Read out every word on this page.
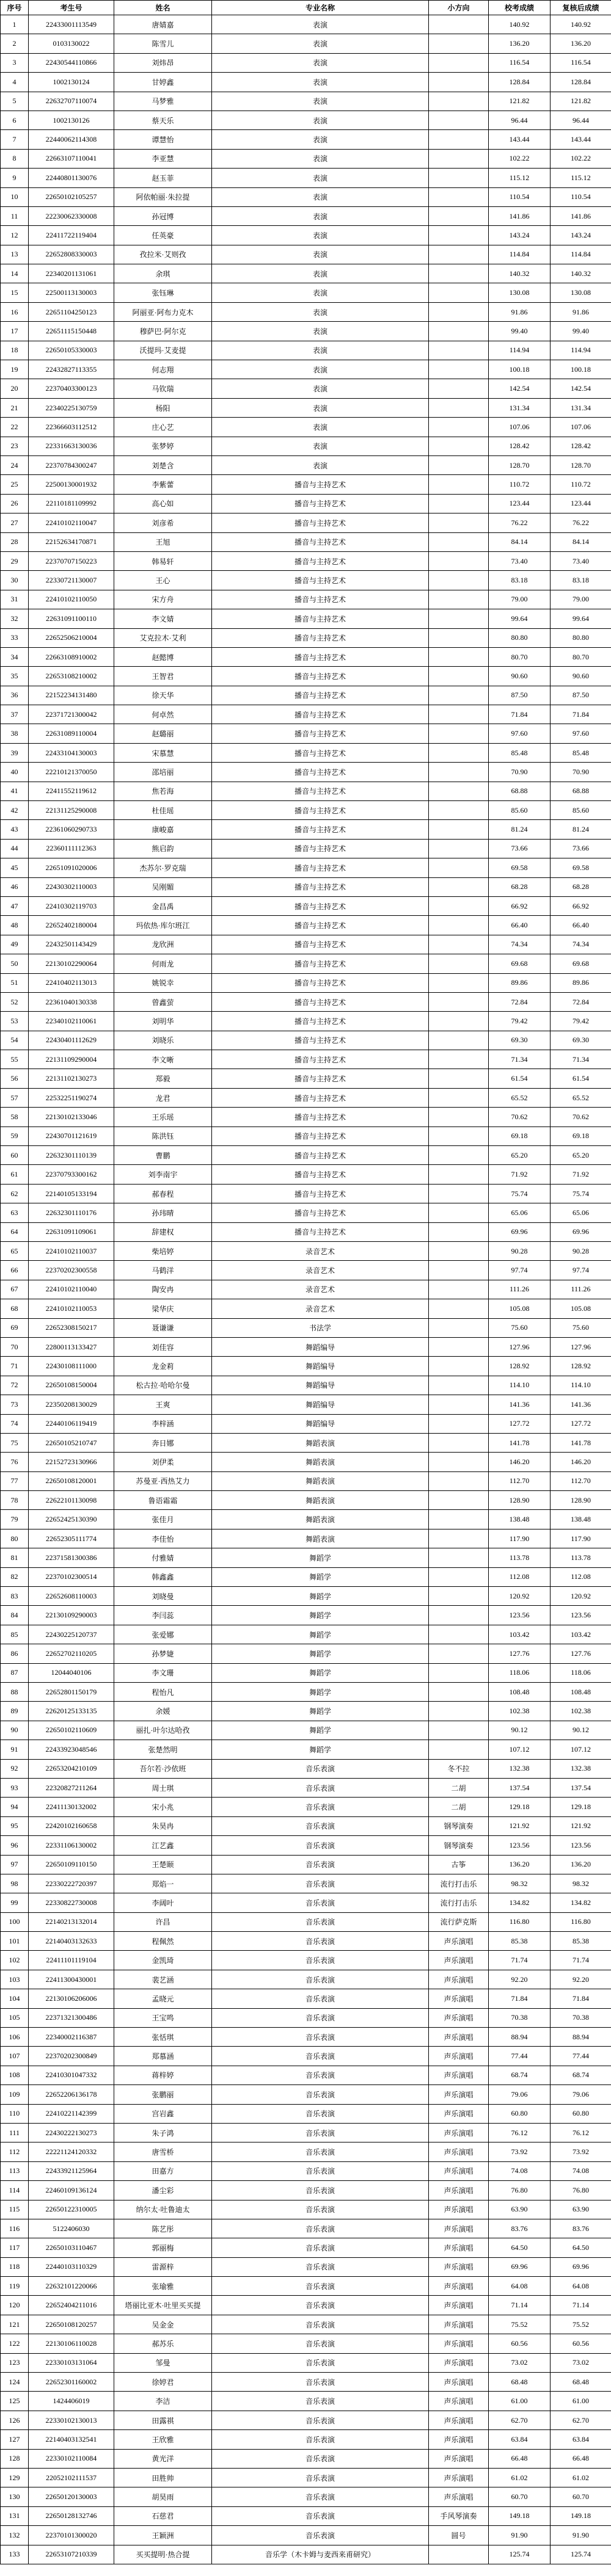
序号	考生号	姓名	专业名称	小方向	校考成绩	复核后成绩
1	22433001113549	唐婧嘉	表演		140.92	140.92
2	0103130022	陈雪儿	表演		136.20	136.20
3	22430544110866	刘炜昂	表演		116.54	116.54
4	1002130124	甘婷鑫	表演		128.84	128.84
5	22632707110074	马梦雅	表演		121.82	121.82
6	1002130126	蔡天乐	表演		96.44	96.44
7	22440062114308	谭慧怡	表演		143.44	143.44
8	22663107110041	李亚慧	表演		102.22	102.22
9	22440801130076	赵玉菲	表演		115.12	115.12
10	22650102105257	阿依帕丽·朱拉提	表演		110.54	110.54
11	22230062330008	孙冠博	表演		141.86	141.86
12	22411722119404	任英豪	表演		143.24	143.24
13	22652808330003	孜拉米·艾则孜	表演		114.84	114.84
14	22340201131061	余琪	表演		140.32	140.32
15	22500113130003	张钰琳	表演		130.08	130.08
16	22651104250123	阿丽亚·阿布力克木	表演		91.86	91.86
17	22651115150448	穆萨巴·阿尔克	表演		99.40	99.40
18	22650105330003	沃提玛·艾麦提	表演		114.94	114.94
19	22432827113355	何志翔	表演		100.18	100.18
20	22370403300123	马钦瑞	表演		142.54	142.54
21	22340225130759	杨阳	表演		131.34	131.34
22	22366603112512	庄心艺	表演		107.06	107.06
23	22331663130036	张梦婷	表演		128.42	128.42
24	22370784300247	刘楚含	表演		128.70	128.70
25	22500130001932	李紫蕾	播音与主持艺术		110.72	110.72
26	22110181109992	高心如	播音与主持艺术		123.44	123.44
27	22410102110047	刘彦希	播音与主持艺术		76.22	76.22
28	22152634170871	王旭	播音与主持艺术		84.14	84.14
29	22370707150223	韩易轩	播音与主持艺术		73.40	73.40
30	22330721130007	王心	播音与主持艺术		83.18	83.18
31	22410102110050	宋方舟	播音与主持艺术		79.00	79.00
32	22631091100110	李文婧	播音与主持艺术		99.64	99.64
33	22652506210004	艾克拉木·艾利	播音与主持艺术		80.80	80.80
34	22663108910002	赵懿博	播音与主持艺术		80.70	80.70
35	22653108210002	王智君	播音与主持艺术		90.60	90.60
36	22152234131480	徐天华	播音与主持艺术		87.50	87.50
37	22371721300042	何卓然	播音与主持艺术		71.84	71.84
38	22631089110004	赵璐丽	播音与主持艺术		97.60	97.60
39	22433104130003	宋慕慧	播音与主持艺术		85.48	85.48
40	22210121370050	邵培丽	播音与主持艺术		70.90	70.90
41	22411552119612	焦若海	播音与主持艺术		68.88	68.88
42	22131125290008	杜佳瑶	播音与主持艺术		85.60	85.60
43	22361060290733	康峻嘉	播音与主持艺术		81.24	81.24
44	22360111112363	熊启韵	播音与主持艺术		73.66	73.66
45	22651091020006	杰苏尔·罗克瑞	播音与主持艺术		69.58	69.58
46	22430302110003	吴刚媚	播音与主持艺术		68.28	68.28
47	22410302119703	金昌禹	播音与主持艺术		66.92	66.92
48	22652402180004	玛依热·库尔班江	播音与主持艺术		66.40	66.40
49	22432501143429	龙欣洲	播音与主持艺术		74.34	74.34
50	22130102290064	何雨龙	播音与主持艺术		69.68	69.68
51	22410402113013	姚锐幸	播音与主持艺术		89.86	89.86
52	22361040130338	曾鑫萤	播音与主持艺术		72.84	72.84
53	22340102110061	刘明华	播音与主持艺术		79.42	79.42
54	22430401112629	刘晓乐	播音与主持艺术		69.30	69.30
55	22131109290004	李文晰	播音与主持艺术		71.34	71.34
56	22131102130273	郑毅	播音与主持艺术		61.54	61.54
57	22532251190274	龙君	播音与主持艺术		65.52	65.52
58	22130102133046	王乐瑶	播音与主持艺术		70.62	70.62
59	22430701121619	陈洪钰	播音与主持艺术		69.18	69.18
60	22632301110139	曹鹏	播音与主持艺术		65.20	65.20
61	22370793300162	刘李南宇	播音与主持艺术		71.92	71.92
62	22140105133194	郝春程	播音与主持艺术		75.74	75.74
63	22632301110176	孙玮晴	播音与主持艺术		65.06	65.06
64	22631091109061	辞建权	播音与主持艺术		69.96	69.96
65	22410102110037	柴培婷	录音艺术		90.28	90.28
66	22370202300558	马鹤洋	录音艺术		97.74	97.74
67	22410102110040	陶安冉	录音艺术		111.26	111.26
68	22410102110053	梁华庆	录音艺术		105.08	105.08
69	22652308150217	聂谦谦	书法学		75.60	75.60
70	22800113133427	刘佳容	舞蹈编导		127.96	127.96
71	22430108111000	龙金莉	舞蹈编导		128.92	128.92
72	22650108150004	松古拉·哈哈尔曼	舞蹈编导		114.10	114.10
73	22350208130029	王爽	舞蹈编导		141.36	141.36
74	22440106119419	李梓涵	舞蹈编导		127.72	127.72
75	22650105210747	奔日娜	舞蹈表演		141.78	141.78
76	22152723130966	刘伊柔	舞蹈表演		146.20	146.20
77	22650108120001	苏曼亚·西热艾力	舞蹈表演		112.70	112.70
78	22622101130098	鲁语霜霜	舞蹈表演		128.90	128.90
79	22652425130390	张佳月	舞蹈表演		138.48	138.48
80	22652305111774	李佳怡	舞蹈表演		117.90	117.90
81	22371581300386	付雅婧	舞蹈学		113.78	113.78
82	22370102300514	韩鑫鑫	舞蹈学		112.08	112.08
83	22652608110003	刘晓曼	舞蹈学		120.92	120.92
84	22130109290003	李闫蕊	舞蹈学		123.56	123.56
85	22430225120737	张爱娜	舞蹈学		103.42	103.42
86	22652702110205	孙梦婕	舞蹈学		127.76	127.76
87	12044040106	李文珊	舞蹈学		118.06	118.06
88	22652801150179	程怡凡	舞蹈学		108.48	108.48
89	22620125133135	余媛	舞蹈学		102.38	102.38
90	22650102110609	丽扎·叶尔达哈孜	舞蹈学		90.12	90.12
91	22433923048546	张楚然明	舞蹈学		107.12	107.12
92	22653204210109	吾尔若·沙依班	音乐表演	冬不拉	132.38	132.38
93	22320827211264	周士琪	音乐表演	二胡	137.54	137.54
94	22411130132002	宋小兆	音乐表演	二胡	129.18	129.18
95	22420102160658	朱昊冉	音乐表演	钢琴演奏	121.92	121.92
96	22331106130002	江艺鑫	音乐表演	钢琴演奏	123.56	123.56
97	22650109110150	王楚颐	音乐表演	古筝	136.20	136.20
98	22330222720397	郑焰一	音乐表演	流行打击乐	98.32	98.32
99	22330822730008	李阔叶	音乐表演	流行打击乐	134.82	134.82
100	22140213132014	许昌	音乐表演	流行萨克斯	116.80	116.80
101	22140403132633	程佩然	音乐表演	声乐演唱	85.38	85.38
102	22411101119104	金凯琦	音乐表演	声乐演唱	71.74	71.74
103	22411300430001	裴艺涵	音乐表演	声乐演唱	92.20	92.20
104	22130106206006	孟晓元	音乐表演	声乐演唱	71.84	71.84
105	22371321300486	王宝鸣	音乐表演	声乐演唱	70.38	70.38
106	22340002116387	张恬琪	音乐表演	声乐演唱	88.94	88.94
107	22370202300849	郑慕涵	音乐表演	声乐演唱	77.44	77.44
108	22410301047332	蒋梓婷	音乐表演	声乐演唱	68.74	68.74
109	22652206136178	张鹏丽	音乐表演	声乐演唱	79.06	79.06
110	22410221142399	宫岩鑫	音乐表演	声乐演唱	60.80	60.80
111	22430222130273	朱子鸿	音乐表演	声乐演唱	76.12	76.12
112	22221124120332	唐雪桥	音乐表演	声乐演唱	73.92	73.92
113	22433921125964	田嘉方	音乐表演	声乐演唱	74.08	74.08
114	22460109136124	潘尘彩	音乐表演	声乐演唱	76.80	76.80
115	22650122310005	纳尔太·吐鲁迪太	音乐表演	声乐演唱	63.90	63.90
116	5122406030	陈艺彤	音乐表演	声乐演唱	83.76	83.76
117	22650103110467	郭丽梅	音乐表演	声乐演唱	64.50	64.50
118	22440103110329	雷源梓	音乐表演	声乐演唱	69.96	69.96
119	22632101220066	张瑜雅	音乐表演	声乐演唱	64.08	64.08
120	22652404211016	塔丽比亚木·吐里买买提	音乐表演	声乐演唱	71.14	71.14
121	22650108120257	吴金金	音乐表演	声乐演唱	75.52	75.52
122	22130106110028	郝苏乐	音乐表演	声乐演唱	60.56	60.56
123	22330103131064	邹曼	音乐表演	声乐演唱	73.02	73.02
124	22652301160002	徐婷君	音乐表演	声乐演唱	68.48	68.48
125	1424406019	李洁	音乐表演	声乐演唱	61.00	61.00
126	22330102130013	田露祺	音乐表演	声乐演唱	62.70	62.70
127	22140403132541	王欣雅	音乐表演	声乐演唱	63.84	63.84
128	22330102110084	黄光洋	音乐表演	声乐演唱	66.48	66.48
129	22052102111537	田胜帅	音乐表演	声乐演唱	61.02	61.02
130	22650120130003	胡昊雨	音乐表演	声乐演唱	60.70	60.70
131	22650128132746	石慈君	音乐表演	手风琴演奏	149.18	149.18
132	22370101300020	王颖洲	音乐表演	圆号	91.90	91.90
133	22653107210339	买买提明·热合提	音乐学（木卡姆与麦西来甫研究）		125.74	125.74
